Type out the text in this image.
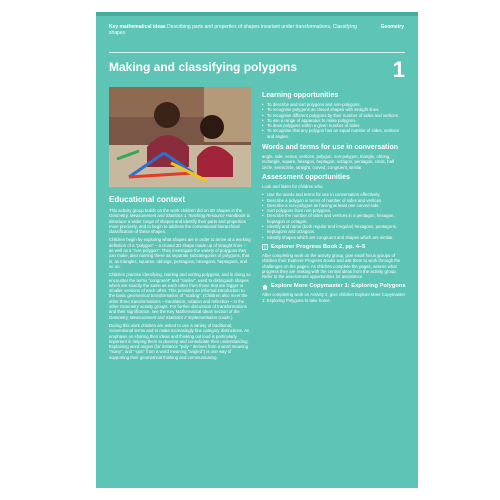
Key mathematical ideas Describing parts and properties of shapes invariant under transformations, Classifying shapes
Geometry
Making and classifying polygons	1
Educational context

This activity group builds on the work children did on 2D shapes in the Geometry, Measurement and Statistics 1 Teaching Resource Handbook to introduce a wider range of shapes and identify their parts and properties more precisely, and to begin to address the conventional hierarchical classification of these shapes.

Children begin by exploring what shapes are in order to arrive at a working definition of a "polygon" – a closed 2D shape made up of straight lines – as well as a "non-polygon". They investigate the variety of polygons they can make, also naming these as separate subcategories of polygons, that is, as triangles, squares, oblongs, pentagons, hexagons, heptagons, and so on.

Children practise identifying, naming and sorting polygons, and in doing so encounter the terms "congruent" and "similar", used to distinguish shapes which are exactly the same as each other from those that are bigger or smaller versions of each other. This provides an informal introduction to the basic geometrical transformation of "scaling". (Children also meet the other three transformations – translation, rotation and reflection – in the other Geometry activity groups. For further discussion of transformations and their significance, see the Key Mathematical Ideas section of the Geometry, Measurement and Statistics 2 Implementation Guide.)

During this work children are asked to use a variety of traditional, conventional terms and to make increasingly fine category distinctions. An emphasis on sharing their ideas and thinking out loud is particularly important in helping them to develop and consolidate their understanding. Explaining word origins (for instance "poly-" derives from a word meaning "many", and "-gon" from a word meaning "angled") is one way of supporting their geometrical thinking and communicating.

Learning opportunities
• To describe and sort polygons and non-polygons.
• To recognise polygons as closed shapes with straight lines.
• To recognise different polygons by their number of sides and vertices.
• To use a range of apparatus to make polygons.
• To draw polygons within a given number of sides.
• To recognise that any polygon has an equal number of sides, vertices and angles.
Words and terms for use in conversation

angle, side, vertex, vertices, polygon, non-polygon, triangle, oblong, rectangle, square, hexagon, heptagon, octagon, pentagon, circle, half circle, semicircle, straight, curved, congruent, similar

Assessment opportunities

Look and listen for children who:

• Use the words and terms for use in conversation effectively.
• Describe a polygon in terms of number of sides and vertices.
• Describe a non-polygon as having at least one curved side.
• Sort polygons from non-polygons.
• Describe the number of sides and vertices in a pentagon, hexagon, heptagon or octagon.
• Identify and name (both regular and irregular) hexagons, pentagons, heptagons and octagons.
• Identify shapes which are congruent and shapes which are similar.
Explorer Progress Book 2, pp. 4–5

After completing work on the activity group, give small focus groups of children their Explorer Progress Books and ask them to work through the challenges on the pages. As children complete the pages, assess what progress they are making with the central ideas from the activity group. Refer to the assessment opportunities for assistance.

Explore More Copymaster 1: Exploring Polygons

After completing work on Activity 2, give children Explore More Copymaster 1: Exploring Polygons to take home.
